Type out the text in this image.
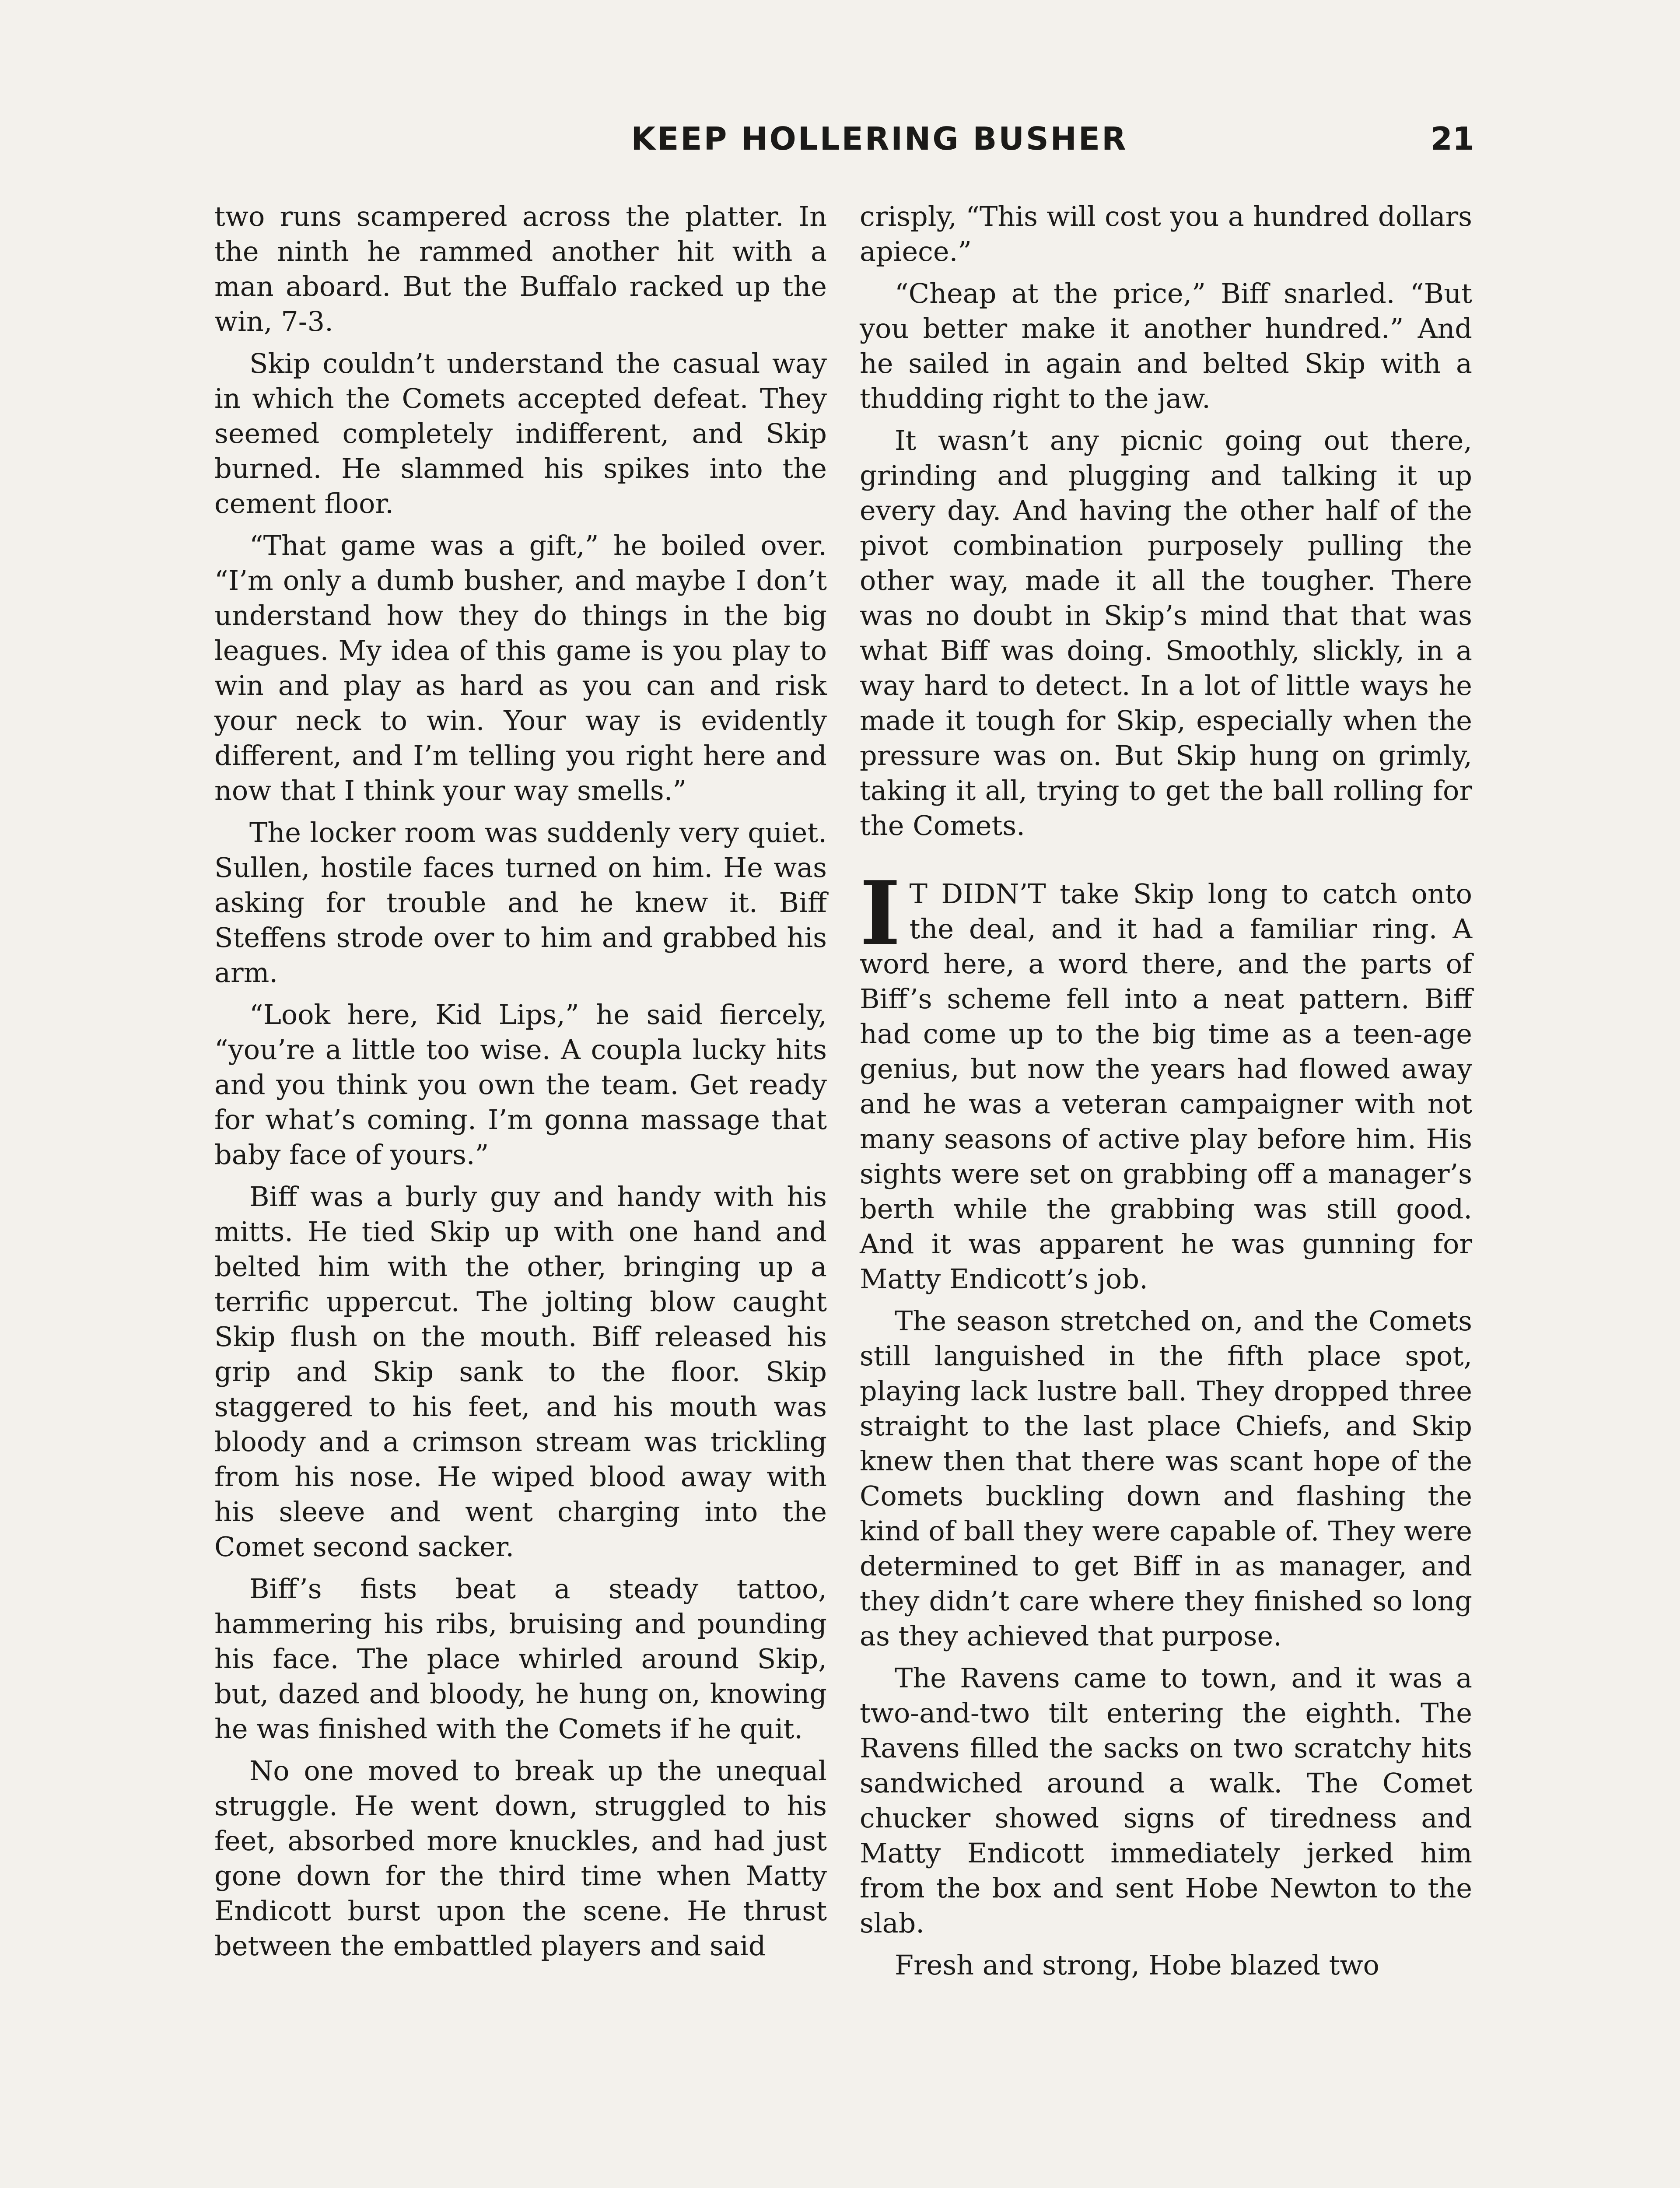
KEEP HOLLERING BUSHER	21

two runs scampered across the platter. In the ninth he rammed another hit with a man aboard. But the Buffalo racked up the win, 7-3.

Skip couldn’t understand the casual way in which the Comets accepted defeat. They seemed completely indifferent, and Skip burned. He slammed his spikes into the cement floor.

“That game was a gift,” he boiled over. “I’m only a dumb busher, and maybe I don’t understand how they do things in the big leagues. My idea of this game is you play to win and play as hard as you can and risk your neck to win. Your way is evidently different, and I’m telling you right here and now that I think your way smells.”

The locker room was suddenly very quiet. Sullen, hostile faces turned on him. He was asking for trouble and he knew it. Biff Steffens strode over to him and grabbed his arm.

“Look here, Kid Lips,” he said fiercely, “you’re a little too wise. A coupla lucky hits and you think you own the team. Get ready for what’s coming. I’m gonna massage that baby face of yours.”

Biff was a burly guy and handy with his mitts. He tied Skip up with one hand and belted him with the other, bringing up a terrific uppercut. The jolting blow caught Skip flush on the mouth. Biff released his grip and Skip sank to the floor. Skip staggered to his feet, and his mouth was bloody and a crimson stream was trickling from his nose. He wiped blood away with his sleeve and went charging into the Comet second sacker.

Biff’s fists beat a steady tattoo, hammering his ribs, bruising and pounding his face. The place whirled around Skip, but, dazed and bloody, he hung on, knowing he was finished with the Comets if he quit.

No one moved to break up the unequal struggle. He went down, struggled to his feet, absorbed more knuckles, and had just gone down for the third time when Matty Endicott burst upon the scene. He thrust between the embattled players and said

crisply, “This will cost you a hundred dollars apiece.”

“Cheap at the price,” Biff snarled. “But you better make it another hundred.” And he sailed in again and belted Skip with a thudding right to the jaw.

It wasn’t any picnic going out there, grinding and plugging and talking it up every day. And having the other half of the pivot combination purposely pulling the other way, made it all the tougher. There was no doubt in Skip’s mind that that was what Biff was doing. Smoothly, slickly, in a way hard to detect. In a lot of little ways he made it tough for Skip, especially when the pressure was on. But Skip hung on grimly, taking it all, trying to get the ball rolling for the Comets.

I T DIDN’T take Skip long to catch onto the deal, and it had a familiar ring. A word here, a word there, and the parts of Biff’s scheme fell into a neat pattern. Biff had come up to the big time as a teen-age genius, but now the years had flowed away and he was a veteran campaigner with not many seasons of active play before him. His sights were set on grabbing off a manager’s berth while the grabbing was still good. And it was apparent he was gunning for Matty Endicott’s job.

The season stretched on, and the Comets still languished in the fifth place spot, playing lack lustre ball. They dropped three straight to the last place Chiefs, and Skip knew then that there was scant hope of the Comets buckling down and flashing the kind of ball they were capable of. They were determined to get Biff in as manager, and they didn’t care where they finished so long as they achieved that purpose.

The Ravens came to town, and it was a two-and-two tilt entering the eighth. The Ravens filled the sacks on two scratchy hits sandwiched around a walk. The Comet chucker showed signs of tiredness and Matty Endicott immediately jerked him from the box and sent Hobe Newton to the slab.

Fresh and strong, Hobe blazed two
